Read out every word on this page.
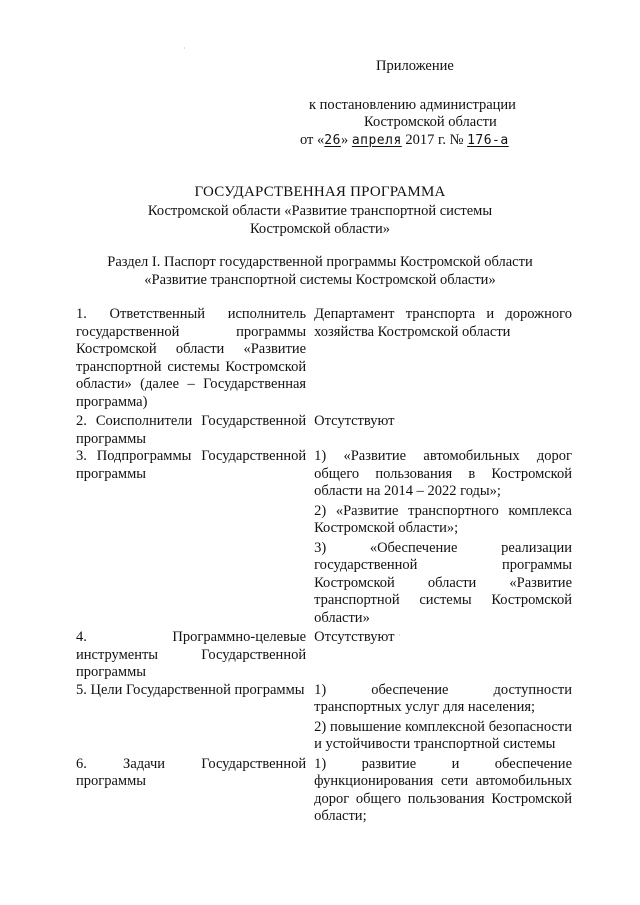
Приложение
к постановлению администрации
Костромской области
от «26» апреля 2017 г. № 176-а
ГОСУДАРСТВЕННАЯ ПРОГРАММА
Костромской области «Развитие транспортной системы
Костромской области»
Раздел I. Паспорт государственной программы Костромской области
«Развитие транспортной системы Костромской области»
1. Ответственный исполнитель государственной программы Костромской области «Развитие транспортной системы Костромской области» (далее – Государственная программа)	Департамент транспорта и дорожного хозяйства Костромской области

2. Соисполнители Государственной программы	Отсутствуют

3. Подпрограммы Государственной программы	1) «Развитие автомобильных дорог общего пользования в Костромской области на 2014 – 2022 годы»;
2) «Развитие транспортного комплекса Костромской области»;
3) «Обеспечение реализации государственной программы Костромской области «Развитие транспортной системы Костромской области»

4. Программно-целевые инструменты Государственной программы	Отсутствуют

5. Цели Государственной программы	1) обеспечение доступности транспортных услуг для населения;
2) повышение комплексной безопасности и устойчивости транспортной системы

6. Задачи Государственной программы	1) развитие и обеспечение функционирования сети автомобильных дорог общего пользования Костромской области;
·
·
